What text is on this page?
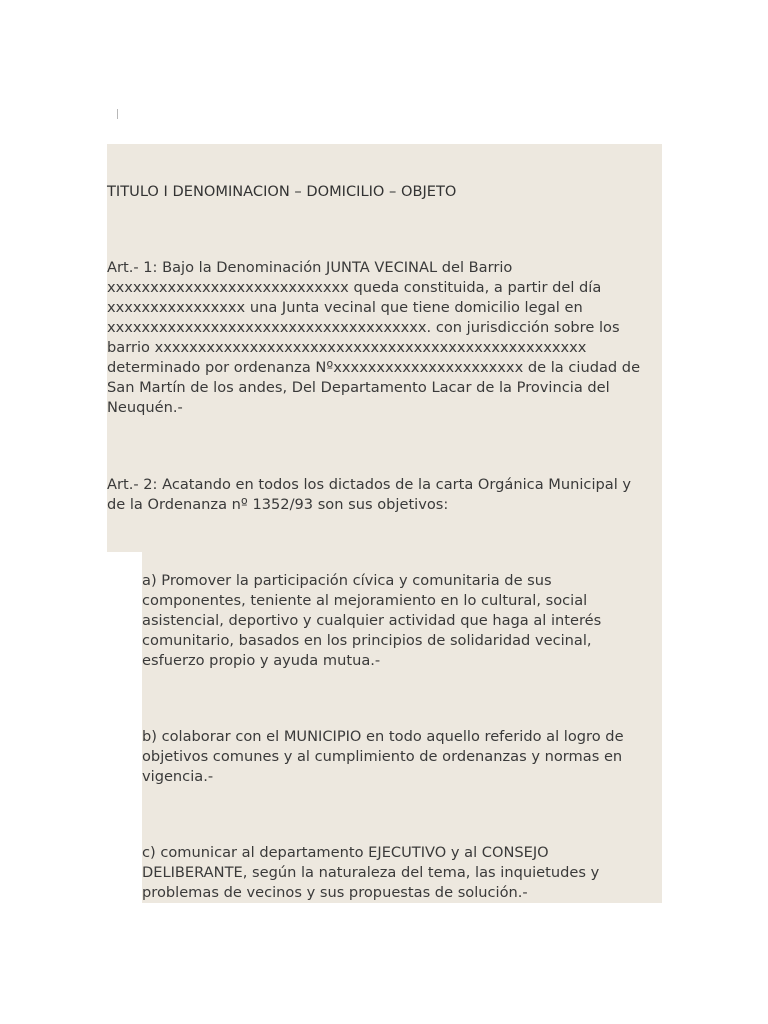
TITULO I DENOMINACION – DOMICILIO – OBJETO

Art.- 1: Bajo la Denominación JUNTA VECINAL del Barrio
xxxxxxxxxxxxxxxxxxxxxxxxxxxx queda constituida, a partir del día
xxxxxxxxxxxxxxxx una Junta vecinal que tiene domicilio legal en
xxxxxxxxxxxxxxxxxxxxxxxxxxxxxxxxxxxxx. con jurisdicción sobre los
barrio xxxxxxxxxxxxxxxxxxxxxxxxxxxxxxxxxxxxxxxxxxxxxxxxxx
determinado por ordenanza Nºxxxxxxxxxxxxxxxxxxxxxx de la ciudad de
San Martín de los andes, Del Departamento Lacar de la Provincia del
Neuquén.-

Art.- 2: Acatando en todos los dictados de la carta Orgánica Municipal y
de la Ordenanza nº 1352/93 son sus objetivos:

a) Promover la participación cívica y comunitaria de sus
componentes, teniente al mejoramiento en lo cultural, social
asistencial, deportivo y cualquier actividad que haga al interés
comunitario, basados en los principios de solidaridad vecinal,
esfuerzo propio y ayuda mutua.-

b) colaborar con el MUNICIPIO en todo aquello referido al logro de
objetivos comunes y al cumplimiento de ordenanzas y normas en
vigencia.-

c) comunicar al departamento EJECUTIVO y al CONSEJO
DELIBERANTE, según la naturaleza del tema, las inquietudes y
problemas de vecinos y sus propuestas de solución.-
